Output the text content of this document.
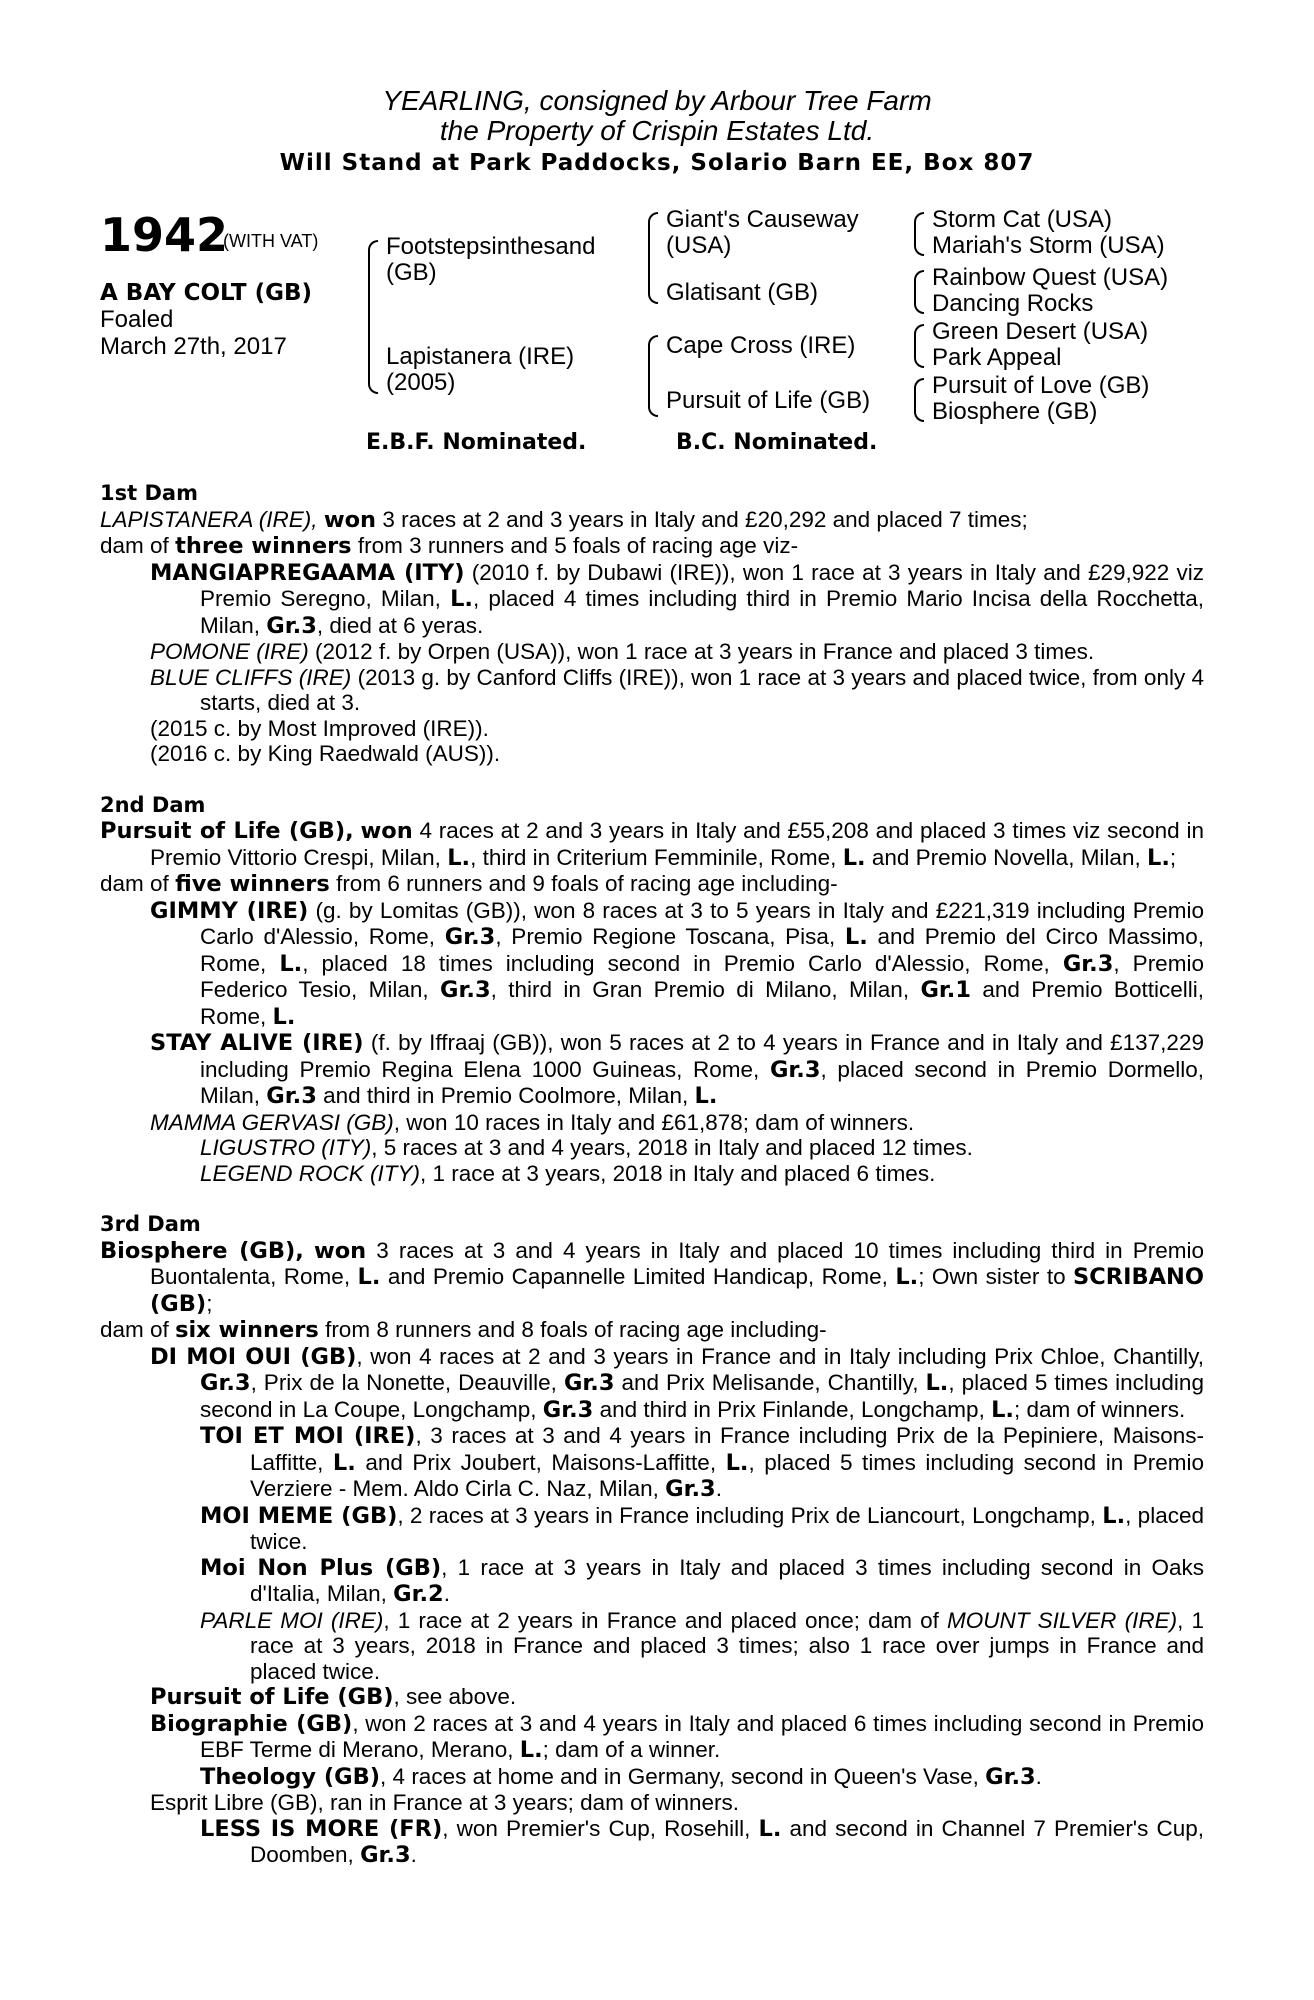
YEARLING, consigned by Arbour Tree Farm
the Property of Crispin Estates Ltd.
Will Stand at Park Paddocks, Solario Barn EE, Box 807
1942
(WITH VAT)
A BAY COLT (GB)
Foaled
March 27th, 2017
Footstepsinthesand
(GB)
Lapistanera (IRE)
(2005)
Giant's Causeway
(USA)
Glatisant (GB)
Cape Cross (IRE)
Pursuit of Life (GB)
Storm Cat (USA)
Mariah's Storm (USA)
Rainbow Quest (USA)
Dancing Rocks
Green Desert (USA)
Park Appeal
Pursuit of Love (GB)
Biosphere (GB)
E.B.F. Nominated.	B.C. Nominated.

1st Dam

LAPISTANERA (IRE), won 3 races at 2 and 3 years in Italy and £20,292 and placed 7 times;

dam of three winners from 3 runners and 5 foals of racing age viz-

MANGIAPREGAAMA (ITY) (2010 f. by Dubawi (IRE)), won 1 race at 3 years in Italy and £29,922 viz Premio Seregno, Milan, L., placed 4 times including third in Premio Mario Incisa della Rocchetta, Milan, Gr.3, died at 6 yeras.

POMONE (IRE) (2012 f. by Orpen (USA)), won 1 race at 3 years in France and placed 3 times.

BLUE CLIFFS (IRE) (2013 g. by Canford Cliffs (IRE)), won 1 race at 3 years and placed twice, from only 4 starts, died at 3.

(2015 c. by Most Improved (IRE)).

(2016 c. by King Raedwald (AUS)).

2nd Dam

Pursuit of Life (GB), won 4 races at 2 and 3 years in Italy and £55,208 and placed 3 times viz second in Premio Vittorio Crespi, Milan, L., third in Criterium Femminile, Rome, L. and Premio Novella, Milan, L.;

dam of five winners from 6 runners and 9 foals of racing age including-

GIMMY (IRE) (g. by Lomitas (GB)), won 8 races at 3 to 5 years in Italy and £221,319 including Premio Carlo d'Alessio, Rome, Gr.3, Premio Regione Toscana, Pisa, L. and Premio del Circo Massimo, Rome, L., placed 18 times including second in Premio Carlo d'Alessio, Rome, Gr.3, Premio Federico Tesio, Milan, Gr.3, third in Gran Premio di Milano, Milan, Gr.1 and Premio Botticelli, Rome, L.

STAY ALIVE (IRE) (f. by Iffraaj (GB)), won 5 races at 2 to 4 years in France and in Italy and £137,229 including Premio Regina Elena 1000 Guineas, Rome, Gr.3, placed second in Premio Dormello, Milan, Gr.3 and third in Premio Coolmore, Milan, L.

MAMMA GERVASI (GB), won 10 races in Italy and £61,878; dam of winners.

LIGUSTRO (ITY), 5 races at 3 and 4 years, 2018 in Italy and placed 12 times.

LEGEND ROCK (ITY), 1 race at 3 years, 2018 in Italy and placed 6 times.

3rd Dam

Biosphere (GB), won 3 races at 3 and 4 years in Italy and placed 10 times including third in Premio Buontalenta, Rome, L. and Premio Capannelle Limited Handicap, Rome, L.; Own sister to SCRIBANO (GB);

dam of six winners from 8 runners and 8 foals of racing age including-

DI MOI OUI (GB), won 4 races at 2 and 3 years in France and in Italy including Prix Chloe, Chantilly, Gr.3, Prix de la Nonette, Deauville, Gr.3 and Prix Melisande, Chantilly, L., placed 5 times including second in La Coupe, Longchamp, Gr.3 and third in Prix Finlande, Longchamp, L.; dam of winners.

TOI ET MOI (IRE), 3 races at 3 and 4 years in France including Prix de la Pepiniere, Maisons-Laffitte, L. and Prix Joubert, Maisons-Laffitte, L., placed 5 times including second in Premio Verziere - Mem. Aldo Cirla C. Naz, Milan, Gr.3.

MOI MEME (GB), 2 races at 3 years in France including Prix de Liancourt, Longchamp, L., placed twice.

Moi Non Plus (GB), 1 race at 3 years in Italy and placed 3 times including second in Oaks d'Italia, Milan, Gr.2.

PARLE MOI (IRE), 1 race at 2 years in France and placed once; dam of MOUNT SILVER (IRE), 1 race at 3 years, 2018 in France and placed 3 times; also 1 race over jumps in France and placed twice.

Pursuit of Life (GB), see above.

Biographie (GB), won 2 races at 3 and 4 years in Italy and placed 6 times including second in Premio EBF Terme di Merano, Merano, L.; dam of a winner.

Theology (GB), 4 races at home and in Germany, second in Queen's Vase, Gr.3.

Esprit Libre (GB), ran in France at 3 years; dam of winners.

LESS IS MORE (FR), won Premier's Cup, Rosehill, L. and second in Channel 7 Premier's Cup, Doomben, Gr.3.
